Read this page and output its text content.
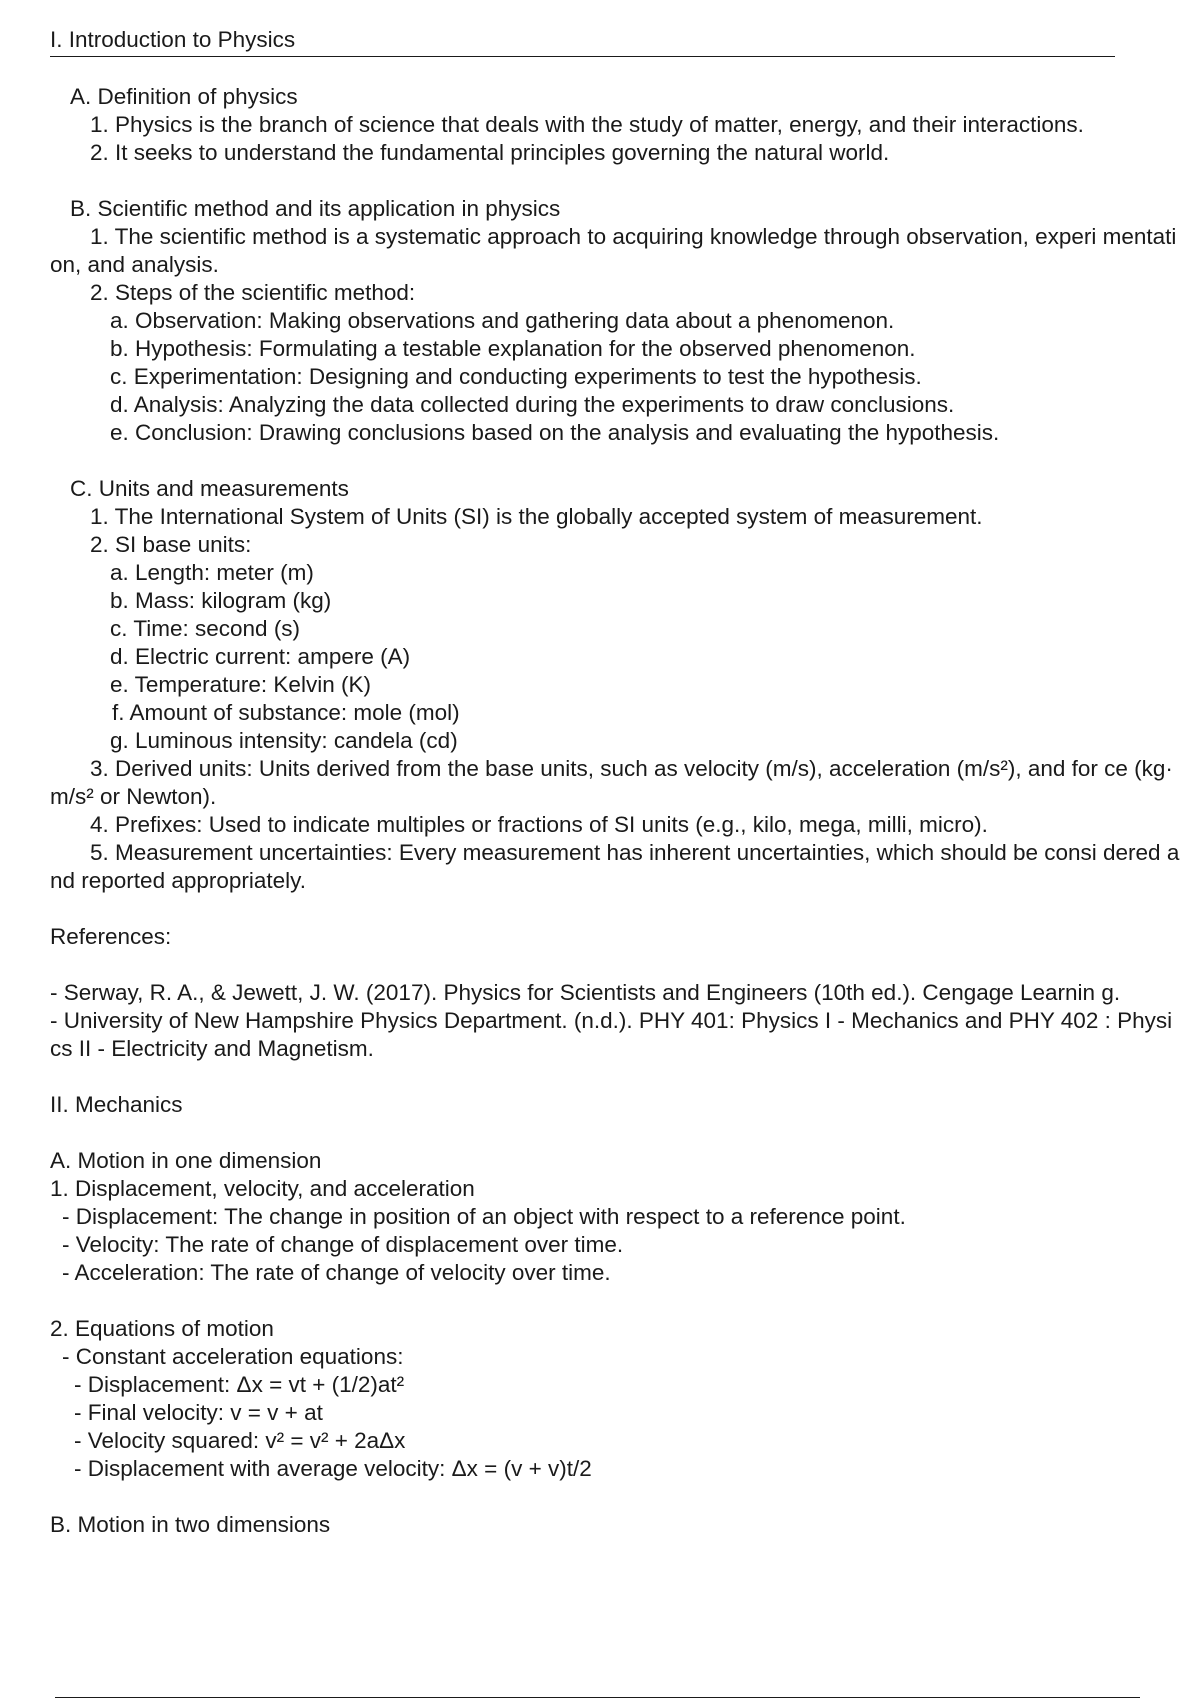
I. Introduction to Physics
A. Definition of physics
1. Physics is the branch of science that deals with the study of matter, energy, and their interactions.
2. It seeks to understand the fundamental principles governing the natural world.
B. Scientific method and its application in physics
1. The scientific method is a systematic approach to acquiring knowledge through observation, experi mentation, and analysis.
2. Steps of the scientific method:
a. Observation: Making observations and gathering data about a phenomenon.
b. Hypothesis: Formulating a testable explanation for the observed phenomenon.
c. Experimentation: Designing and conducting experiments to test the hypothesis.
d. Analysis: Analyzing the data collected during the experiments to draw conclusions.
e. Conclusion: Drawing conclusions based on the analysis and evaluating the hypothesis.
C. Units and measurements
1. The International System of Units (SI) is the globally accepted system of measurement.
2. SI base units:
a. Length: meter (m)
b. Mass: kilogram (kg)
c. Time: second (s)
d. Electric current: ampere (A)
e. Temperature: Kelvin (K)
f. Amount of substance: mole (mol)
g. Luminous intensity: candela (cd)
3. Derived units: Units derived from the base units, such as velocity (m/s), acceleration (m/s²), and for ce (kg·m/s² or Newton).
4. Prefixes: Used to indicate multiples or fractions of SI units (e.g., kilo, mega, milli, micro).
5. Measurement uncertainties: Every measurement has inherent uncertainties, which should be consi dered and reported appropriately.
References:
- Serway, R. A., & Jewett, J. W. (2017). Physics for Scientists and Engineers (10th ed.). Cengage Learnin g.
- University of New Hampshire Physics Department. (n.d.). PHY 401: Physics I - Mechanics and PHY 402 : Physics II - Electricity and Magnetism.
II. Mechanics
A. Motion in one dimension
1. Displacement, velocity, and acceleration
- Displacement: The change in position of an object with respect to a reference point.
- Velocity: The rate of change of displacement over time.
- Acceleration: The rate of change of velocity over time.
2. Equations of motion
- Constant acceleration equations:
- Displacement: Δx = vt + (1/2)at²
- Final velocity: v = v + at
- Velocity squared: v² = v² + 2aΔx
- Displacement with average velocity: Δx = (v + v)t/2
B. Motion in two dimensions
